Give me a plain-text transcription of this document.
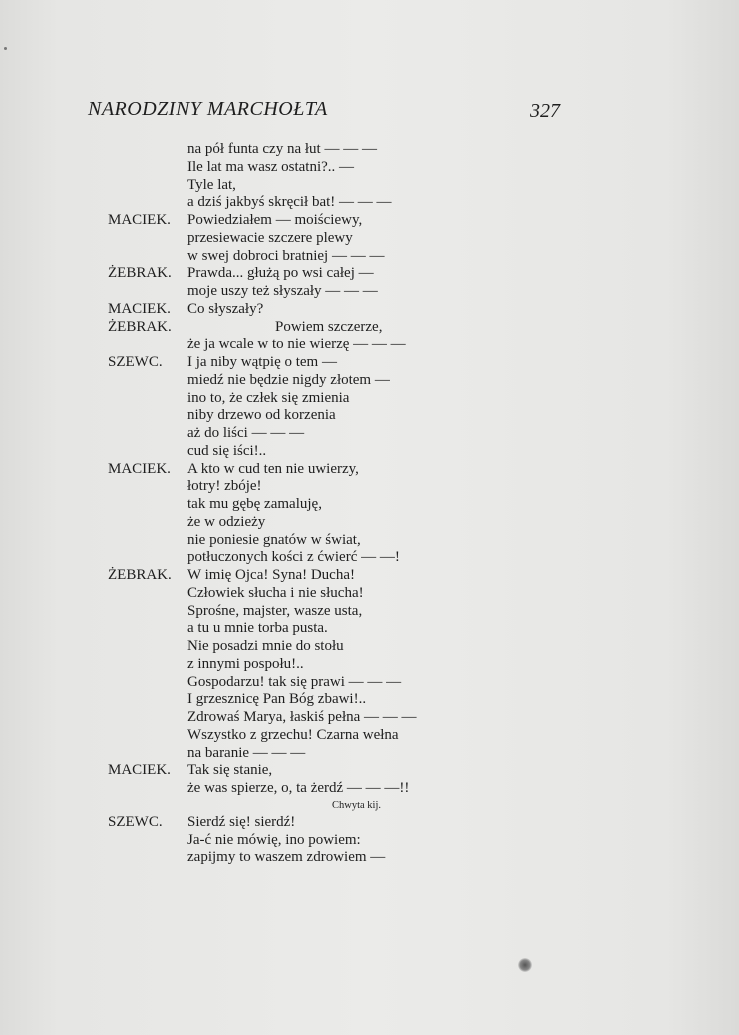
NARODZINY MARCHOŁTA	327
na pół funta czy na łut — — —
Ile lat ma wasz ostatni?.. —
Tyle lat,
a dziś jakbyś skręcił bat! — — —
MACIEK.	Powiedziałem — moiściewy,
przesiewacie szczere plewy
w swej dobroci bratniej — — —
ŻEBRAK.	Prawda... głużą po wsi całej —
moje uszy też słyszały — — —
MACIEK.	Co słyszały?
ŻEBRAK.	Powiem szczerze,
że ja wcale w to nie wierzę — — —
SZEWC.	I ja niby wątpię o tem —
miedź nie będzie nigdy złotem —
ino to, że człek się zmienia
niby drzewo od korzenia
aż do liści — — —
cud się iści!..
MACIEK.	A kto w cud ten nie uwierzy,
łotry! zbóje!
tak mu gębę zamaluję,
że w odzieży
nie poniesie gnatów w świat,
potłuczonych kości z ćwierć — —!
ŻEBRAK.	W imię Ojca! Syna! Ducha!
Człowiek słucha i nie słucha!
Sprośne, majster, wasze usta,
a tu u mnie torba pusta.
Nie posadzi mnie do stołu
z innymi pospołu!..
Gospodarzu! tak się prawi — — —
I grzesznicę Pan Bóg zbawi!..
Zdrowaś Marya, łaskiś pełna — — —
Wszystko z grzechu! Czarna wełna
na baranie — — —
MACIEK.	Tak się stanie,
że was spierze, o, ta żerdź — — —!!
Chwyta kij.
SZEWC.	Sierdź się! sierdź!
Ja-ć nie mówię, ino powiem:
zapijmy to waszem zdrowiem —
